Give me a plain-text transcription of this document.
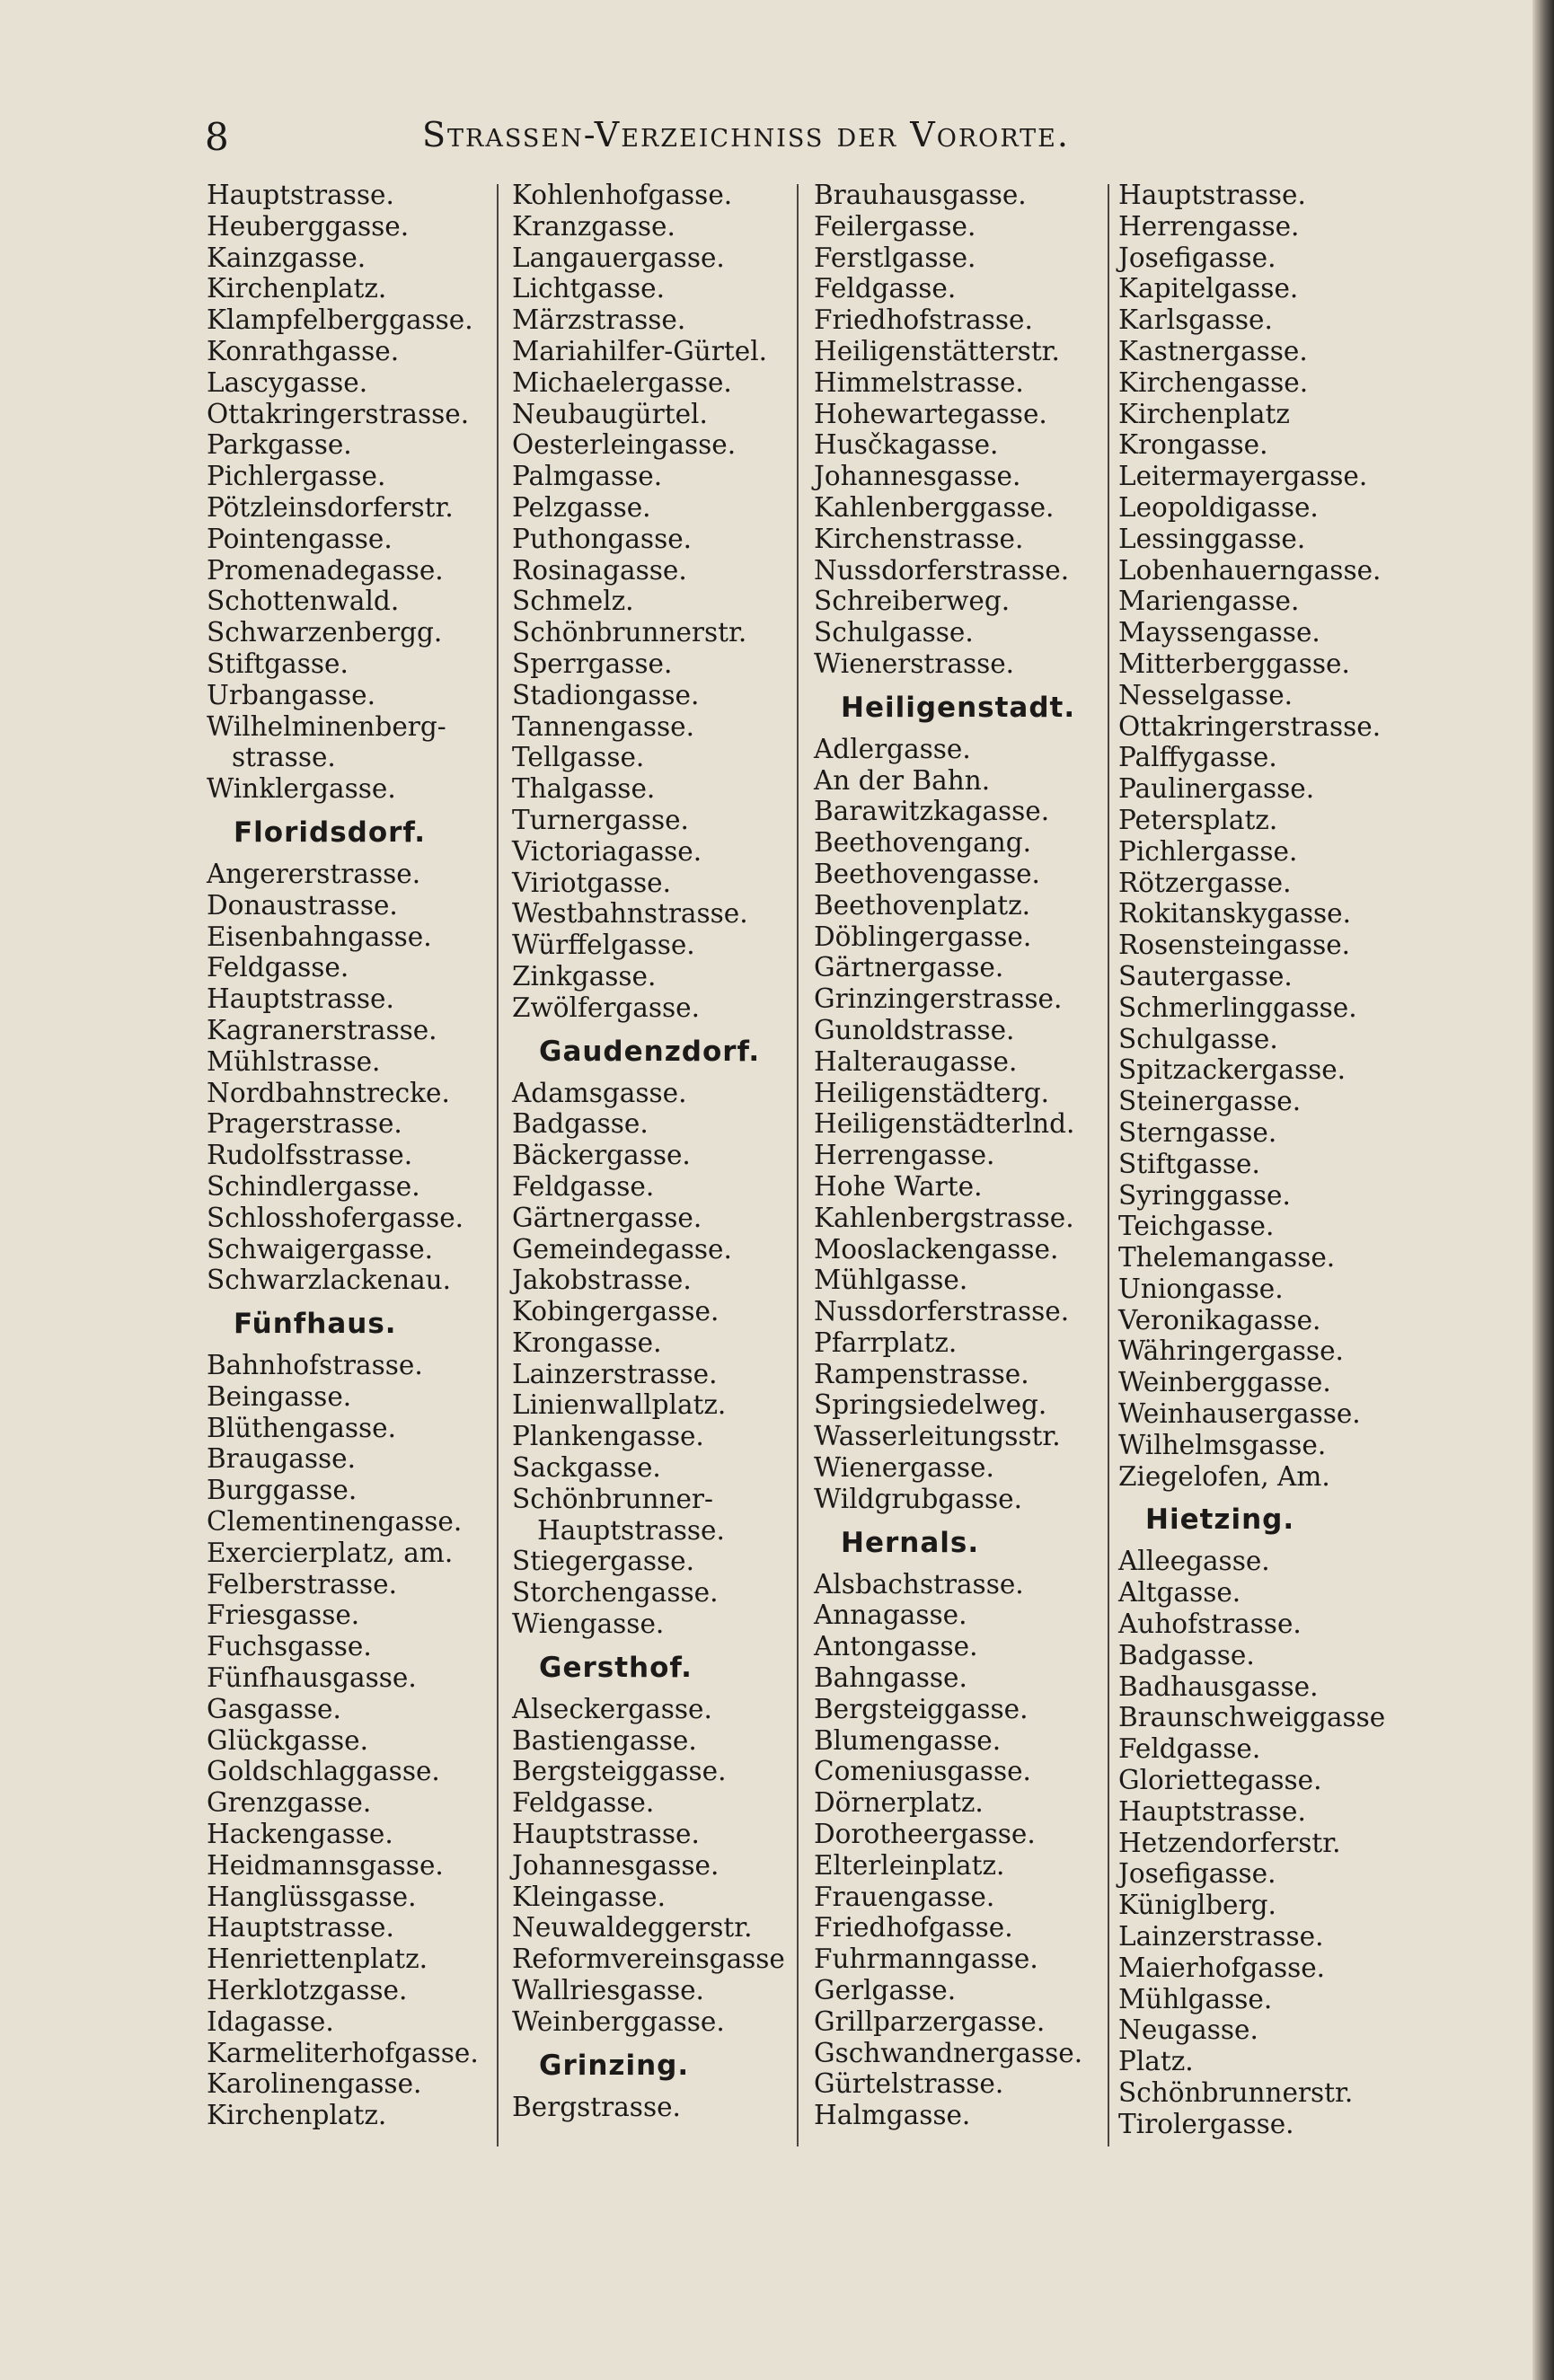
8	Strassen-Verzeichniss der Vororte.
Hauptstrasse.
Heuberggasse.
Kainzgasse.
Kirchenplatz.
Klampfelberggasse.
Konrathgasse.
Lascygasse.
Ottakringerstrasse.
Parkgasse.
Pichlergasse.
Pötzleinsdorferstr.
Pointengasse.
Promenadegasse.
Schottenwald.
Schwarzenbergg.
Stiftgasse.
Urbangasse.
Wilhelminenberg-
strasse.
Winklergasse.
Floridsdorf.
Angererstrasse.
Donaustrasse.
Eisenbahngasse.
Feldgasse.
Hauptstrasse.
Kagranerstrasse.
Mühlstrasse.
Nordbahnstrecke.
Pragerstrasse.
Rudolfsstrasse.
Schindlergasse.
Schlosshofergasse.
Schwaigergasse.
Schwarzlackenau.
Fünfhaus.
Bahnhofstrasse.
Beingasse.
Blüthengasse.
Braugasse.
Burggasse.
Clementinengasse.
Exercierplatz, am.
Felberstrasse.
Friesgasse.
Fuchsgasse.
Fünfhausgasse.
Gasgasse.
Glückgasse.
Goldschlaggasse.
Grenzgasse.
Hackengasse.
Heidmannsgasse.
Hanglüssgasse.
Hauptstrasse.
Henriettenplatz.
Herklotzgasse.
Idagasse.
Karmeliterhofgasse.
Karolinengasse.
Kirchenplatz.
Kohlenhofgasse.
Kranzgasse.
Langauergasse.
Lichtgasse.
Märzstrasse.
Mariahilfer-Gürtel.
Michaelergasse.
Neubaugürtel.
Oesterleingasse.
Palmgasse.
Pelzgasse.
Puthongasse.
Rosinagasse.
Schmelz.
Schönbrunnerstr.
Sperrgasse.
Stadiongasse.
Tannengasse.
Tellgasse.
Thalgasse.
Turnergasse.
Victoriagasse.
Viriotgasse.
Westbahnstrasse.
Würffelgasse.
Zinkgasse.
Zwölfergasse.
Gaudenzdorf.
Adamsgasse.
Badgasse.
Bäckergasse.
Feldgasse.
Gärtnergasse.
Gemeindegasse.
Jakobstrasse.
Kobingergasse.
Krongasse.
Lainzerstrasse.
Linienwallplatz.
Plankengasse.
Sackgasse.
Schönbrunner-
Hauptstrasse.
Stiegergasse.
Storchengasse.
Wiengasse.
Gersthof.
Alseckergasse.
Bastiengasse.
Bergsteiggasse.
Feldgasse.
Hauptstrasse.
Johannesgasse.
Kleingasse.
Neuwaldeggerstr.
Reformvereinsgasse
Wallriesgasse.
Weinberggasse.
Grinzing.
Bergstrasse.
Brauhausgasse.
Feilergasse.
Ferstlgasse.
Feldgasse.
Friedhofstrasse.
Heiligenstätterstr.
Himmelstrasse.
Hohewartegasse.
Husčkagasse.
Johannesgasse.
Kahlenberggasse.
Kirchenstrasse.
Nussdorferstrasse.
Schreiberweg.
Schulgasse.
Wienerstrasse.
Heiligenstadt.
Adlergasse.
An der Bahn.
Barawitzkagasse.
Beethovengang.
Beethovengasse.
Beethovenplatz.
Döblingergasse.
Gärtnergasse.
Grinzingerstrasse.
Gunoldstrasse.
Halteraugasse.
Heiligenstädterg.
Heiligenstädterlnd.
Herrengasse.
Hohe Warte.
Kahlenbergstrasse.
Mooslackengasse.
Mühlgasse.
Nussdorferstrasse.
Pfarrplatz.
Rampenstrasse.
Springsiedelweg.
Wasserleitungsstr.
Wienergasse.
Wildgrubgasse.
Hernals.
Alsbachstrasse.
Annagasse.
Antongasse.
Bahngasse.
Bergsteiggasse.
Blumengasse.
Comeniusgasse.
Dörnerplatz.
Dorotheergasse.
Elterleinplatz.
Frauengasse.
Friedhofgasse.
Fuhrmanngasse.
Gerlgasse.
Grillparzergasse.
Gschwandnergasse.
Gürtelstrasse.
Halmgasse.
Hauptstrasse.
Herrengasse.
Josefigasse.
Kapitelgasse.
Karlsgasse.
Kastnergasse.
Kirchengasse.
Kirchenplatz
Krongasse.
Leitermayergasse.
Leopoldigasse.
Lessinggasse.
Lobenhauerngasse.
Mariengasse.
Mayssengasse.
Mitterberggasse.
Nesselgasse.
Ottakringerstrasse.
Palffygasse.
Paulinergasse.
Petersplatz.
Pichlergasse.
Rötzergasse.
Rokitanskygasse.
Rosensteingasse.
Sautergasse.
Schmerlinggasse.
Schulgasse.
Spitzackergasse.
Steinergasse.
Sterngasse.
Stiftgasse.
Syringgasse.
Teichgasse.
Thelemangasse.
Uniongasse.
Veronikagasse.
Währingergasse.
Weinberggasse.
Weinhausergasse.
Wilhelmsgasse.
Ziegelofen, Am.
Hietzing.
Alleegasse.
Altgasse.
Auhofstrasse.
Badgasse.
Badhausgasse.
Braunschweiggasse
Feldgasse.
Gloriettegasse.
Hauptstrasse.
Hetzendorferstr.
Josefigasse.
Küniglberg.
Lainzerstrasse.
Maierhofgasse.
Mühlgasse.
Neugasse.
Platz.
Schönbrunnerstr.
Tirolergasse.
